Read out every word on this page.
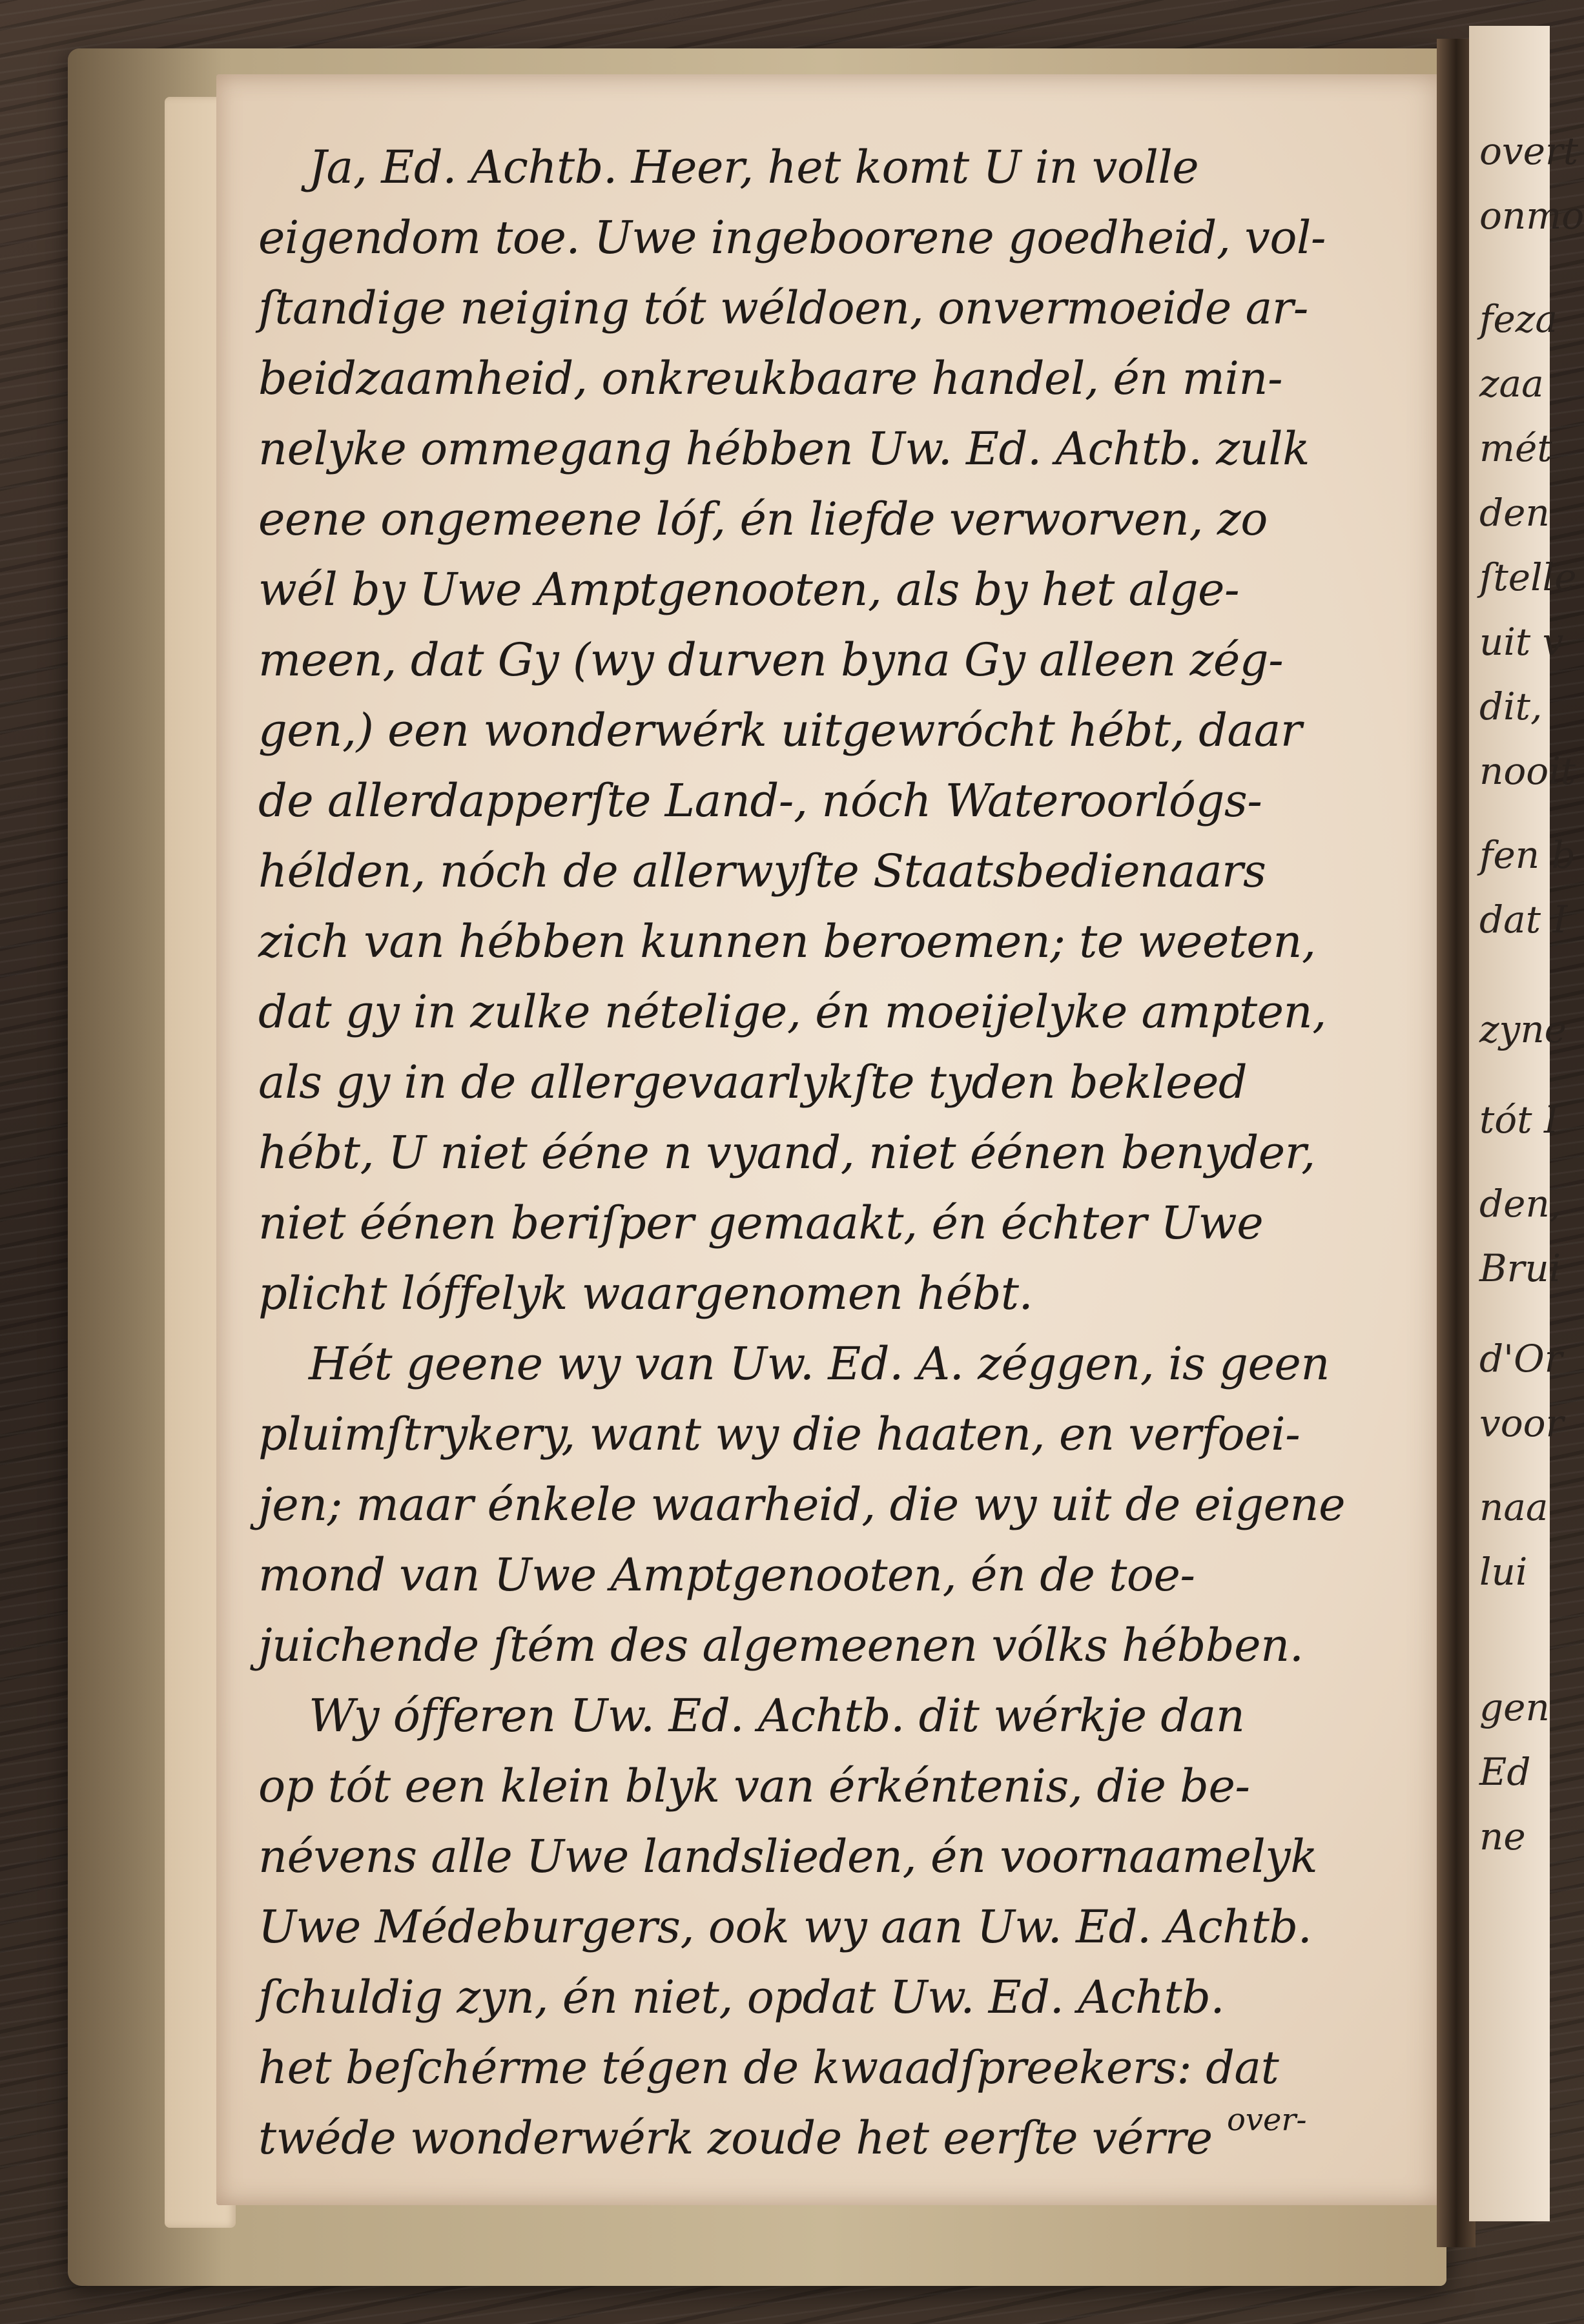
overt
onmo
feza
zaa
mét
den
ſtelle
uit v
dit,
nooit
fen b
dat I
zyne
tót I
den,
Brui
d'Or
voor
naa
lui
gen
Ed
ne
Ja, Ed. Achtb. Heer, het komt U in volle
eigendom toe. Uwe ingeboorene goedheid, vol-
ſtandige neiging tót wéldoen, onvermoeide ar-
beidzaamheid, onkreukbaare handel, én min-
nelyke ommegang hébben Uw. Ed. Achtb. zulk
eene ongemeene lóf, én liefde verworven, zo
wél by Uwe Amptgenooten, als by het alge-
meen, dat Gy (wy durven byna Gy alleen zég-
gen,) een wonderwérk uitgewrócht hébt, daar
de allerdapperſte Land-, nóch Wateroorlógs-
hélden, nóch de allerwyſte Staatsbedienaars
zich van hébben kunnen beroemen; te weeten,
dat gy in zulke nételige, én moeijelyke ampten,
als gy in de allergevaarlykſte tyden bekleed
hébt, U niet ééne n vyand, niet éénen benyder,
niet éénen beriſper gemaakt, én échter Uwe
plicht lóffelyk waargenomen hébt.
Hét geene wy van Uw. Ed. A. zéggen, is geen
pluimſtrykery, want wy die haaten, en verfoei-
jen; maar énkele waarheid, die wy uit de eigene
mond van Uwe Amptgenooten, én de toe-
juichende ſtém des algemeenen vólks hébben.
Wy ófferen Uw. Ed. Achtb. dit wérkje dan
op tót een klein blyk van érkéntenis, die be-
névens alle Uwe landslieden, én voornaamelyk
Uwe Médeburgers, ook wy aan Uw. Ed. Achtb.
ſchuldig zyn, én niet, opdat Uw. Ed. Achtb.
het beſchérme tégen de kwaadſpreekers: dat
twéde wonderwérk zoude het eerſte vérre over-
